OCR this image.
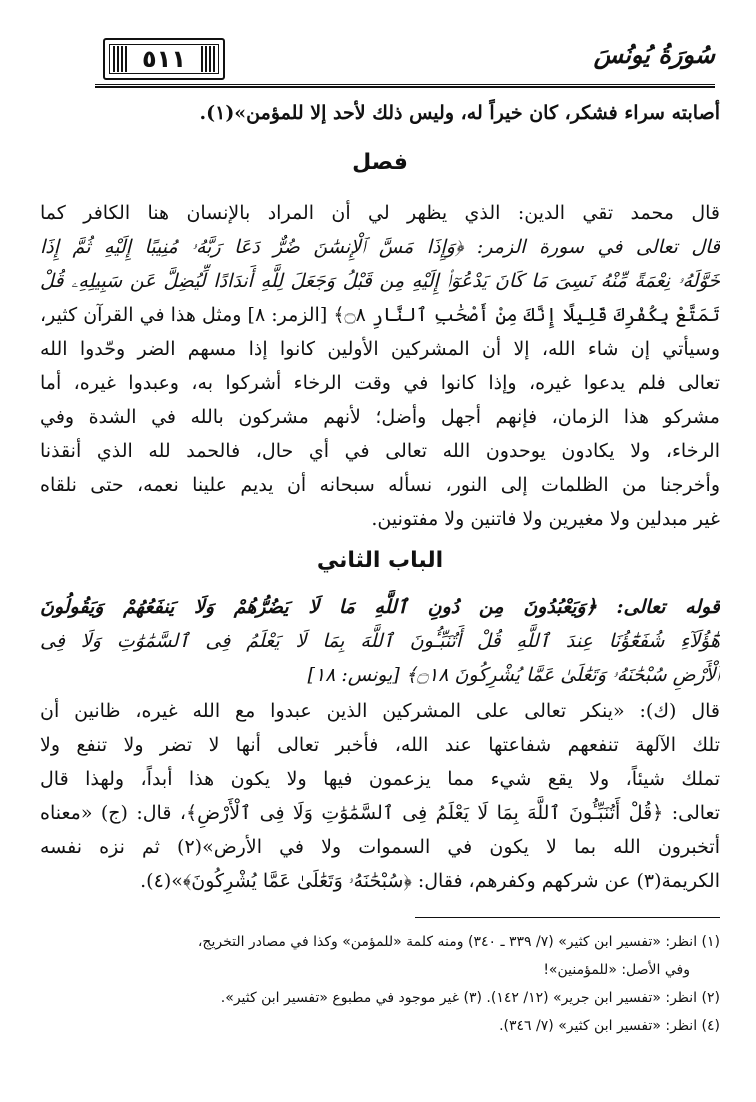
٥١١	سُورَةُ يُونُسَ
أصابته سراء فشكر، كان خيراً له، وليس ذلك لأحد إلا للمؤمن»(١).
فصل
قال محمد تقي الدين: الذي يظهر لي أن المراد بالإنسان هنا الكافر كما
قال تعالى في سورة الزمر: ﴿وَإِذَا مَسَّ ٱلْإِنسَٰنَ ضُرٌّ دَعَا رَبَّهُۥ مُنِيبًا إِلَيْهِ ثُمَّ إِذَا
خَوَّلَهُۥ نِعْمَةً مِّنْهُ نَسِىَ مَا كَانَ يَدْعُوٓا۟ إِلَيْهِ مِن قَبْلُ وَجَعَلَ لِلَّهِ أَندَادًا لِّيُضِلَّ عَن سَبِيلِهِۦ قُلْ
تَمَتَّعْ بِكُفْرِكَ قَلِيلًا إِنَّكَ مِنْ أَصْحَٰبِ ٱلنَّارِ ۝٨﴾ [الزمر: ٨] ومثل هذا في القرآن كثير،
وسيأتي إن شاء الله، إلا أن المشركين الأولين كانوا إذا مسهم الضر وحّدوا الله
تعالى فلم يدعوا غيره، وإذا كانوا في وقت الرخاء أشركوا به، وعبدوا غيره، أما
مشركو هذا الزمان، فإنهم أجهل وأضل؛ لأنهم مشركون بالله في الشدة وفي
الرخاء، ولا يكادون يوحدون الله تعالى في أي حال، فالحمد لله الذي أنقذنا
وأخرجنا من الظلمات إلى النور، نسأله سبحانه أن يديم علينا نعمه، حتى نلقاه
غير مبدلين ولا مغيرين ولا فاتنين ولا مفتونين.
الباب الثاني
قوله تعالى: ﴿وَيَعْبُدُونَ مِن دُونِ ٱللَّهِ مَا لَا يَضُرُّهُمْ وَلَا يَنفَعُهُمْ وَيَقُولُونَ
هَٰٓؤُلَآءِ شُفَعَٰٓؤُنَا عِندَ ٱللَّهِ قُلْ أَتُنَبِّـُٔونَ ٱللَّهَ بِمَا لَا يَعْلَمُ فِى ٱلسَّمَٰوَٰتِ وَلَا فِى
ٱلْأَرْضِ سُبْحَٰنَهُۥ وَتَعَٰلَىٰ عَمَّا يُشْرِكُونَ ۝١٨﴾ [يونس: ١٨]
قال (ك): «ينكر تعالى على المشركين الذين عبدوا مع الله غيره، ظانين أن
تلك الآلهة تنفعهم شفاعتها عند الله، فأخبر تعالى أنها لا تضر ولا تنفع ولا
تملك شيئاً، ولا يقع شيء مما يزعمون فيها ولا يكون هذا أبداً، ولهذا قال
تعالى: ﴿قُلْ أَتُنَبِّـُٔونَ ٱللَّهَ بِمَا لَا يَعْلَمُ فِى ٱلسَّمَٰوَٰتِ وَلَا فِى ٱلْأَرْضِ﴾، قال: (ج) «معناه
أتخبرون الله بما لا يكون في السموات ولا في الأرض»(٢) ثم نزه نفسه
الكريمة(٣) عن شركهم وكفرهم، فقال: ﴿سُبْحَٰنَهُۥ وَتَعَٰلَىٰ عَمَّا يُشْرِكُونَ﴾»(٤).
(١) انظر: «تفسير ابن كثير» (٧/ ٣٣٩ ـ ٣٤٠) ومنه كلمة «للمؤمن» وكذا في مصادر التخريج،
وفي الأصل: «للمؤمنين»!
(٢) انظر: «تفسير ابن جرير» (١٢/ ١٤٢). (٣) غير موجود في مطبوع «تفسير ابن كثير».
(٤) انظر: «تفسير ابن كثير» (٧/ ٣٤٦).
